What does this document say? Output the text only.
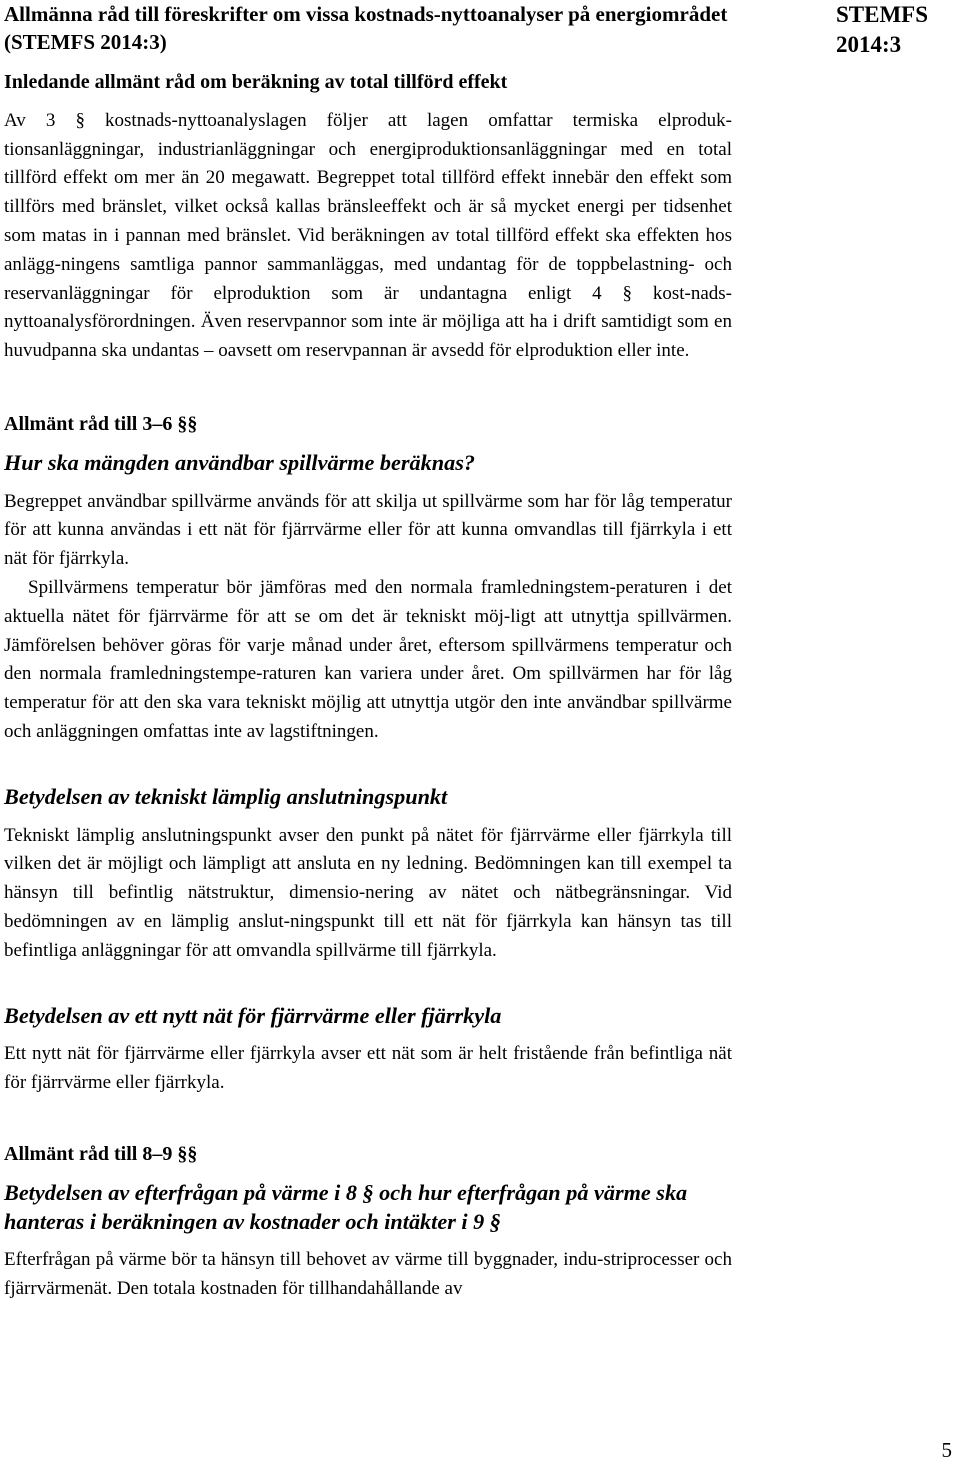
Allmänna råd till föreskrifter om vissa kostnads-nyttoanalyser på energiområdet (STEMFS 2014:3)
STEMFS
2014:3
Inledande allmänt råd om beräkning av total tillförd effekt

Av 3 § kostnads-nyttoanalyslagen följer att lagen omfattar termiska elproduk-tionsanläggningar, industrianläggningar och energiproduktionsanläggningar med en total tillförd effekt om mer än 20 megawatt. Begreppet total tillförd effekt innebär den effekt som tillförs med bränslet, vilket också kallas bränsleeffekt och är så mycket energi per tidsenhet som matas in i pannan med bränslet. Vid beräkningen av total tillförd effekt ska effekten hos anlägg-ningens samtliga pannor sammanläggas, med undantag för de toppbelastning- och reservanläggningar för elproduktion som är undantagna enligt 4 § kost-nads-nyttoanalysförordningen. Även reservpannor som inte är möjliga att ha i drift samtidigt som en huvudpanna ska undantas – oavsett om reservpannan är avsedd för elproduktion eller inte.

Allmänt råd till 3–6 §§
Hur ska mängden användbar spillvärme beräknas?

Begreppet användbar spillvärme används för att skilja ut spillvärme som har för låg temperatur för att kunna användas i ett nät för fjärrvärme eller för att kunna omvandlas till fjärrkyla i ett nät för fjärrkyla.

Spillvärmens temperatur bör jämföras med den normala framledningstem-peraturen i det aktuella nätet för fjärrvärme för att se om det är tekniskt möj-ligt att utnyttja spillvärmen. Jämförelsen behöver göras för varje månad under året, eftersom spillvärmens temperatur och den normala framledningstempe-raturen kan variera under året. Om spillvärmen har för låg temperatur för att den ska vara tekniskt möjlig att utnyttja utgör den inte användbar spillvärme och anläggningen omfattas inte av lagstiftningen.

Betydelsen av tekniskt lämplig anslutningspunkt

Tekniskt lämplig anslutningspunkt avser den punkt på nätet för fjärrvärme eller fjärrkyla till vilken det är möjligt och lämpligt att ansluta en ny ledning. Bedömningen kan till exempel ta hänsyn till befintlig nätstruktur, dimensio-nering av nätet och nätbegränsningar. Vid bedömningen av en lämplig anslut-ningspunkt till ett nät för fjärrkyla kan hänsyn tas till befintliga anläggningar för att omvandla spillvärme till fjärrkyla.

Betydelsen av ett nytt nät för fjärrvärme eller fjärrkyla

Ett nytt nät för fjärrvärme eller fjärrkyla avser ett nät som är helt fristående från befintliga nät för fjärrvärme eller fjärrkyla.

Allmänt råd till 8–9 §§
Betydelsen av efterfrågan på värme i 8 § och hur efterfrågan på värme ska hanteras i beräkningen av kostnader och intäkter i 9 §

Efterfrågan på värme bör ta hänsyn till behovet av värme till byggnader, indu-striprocesser och fjärrvärmenät. Den totala kostnaden för tillhandahållande av

5
